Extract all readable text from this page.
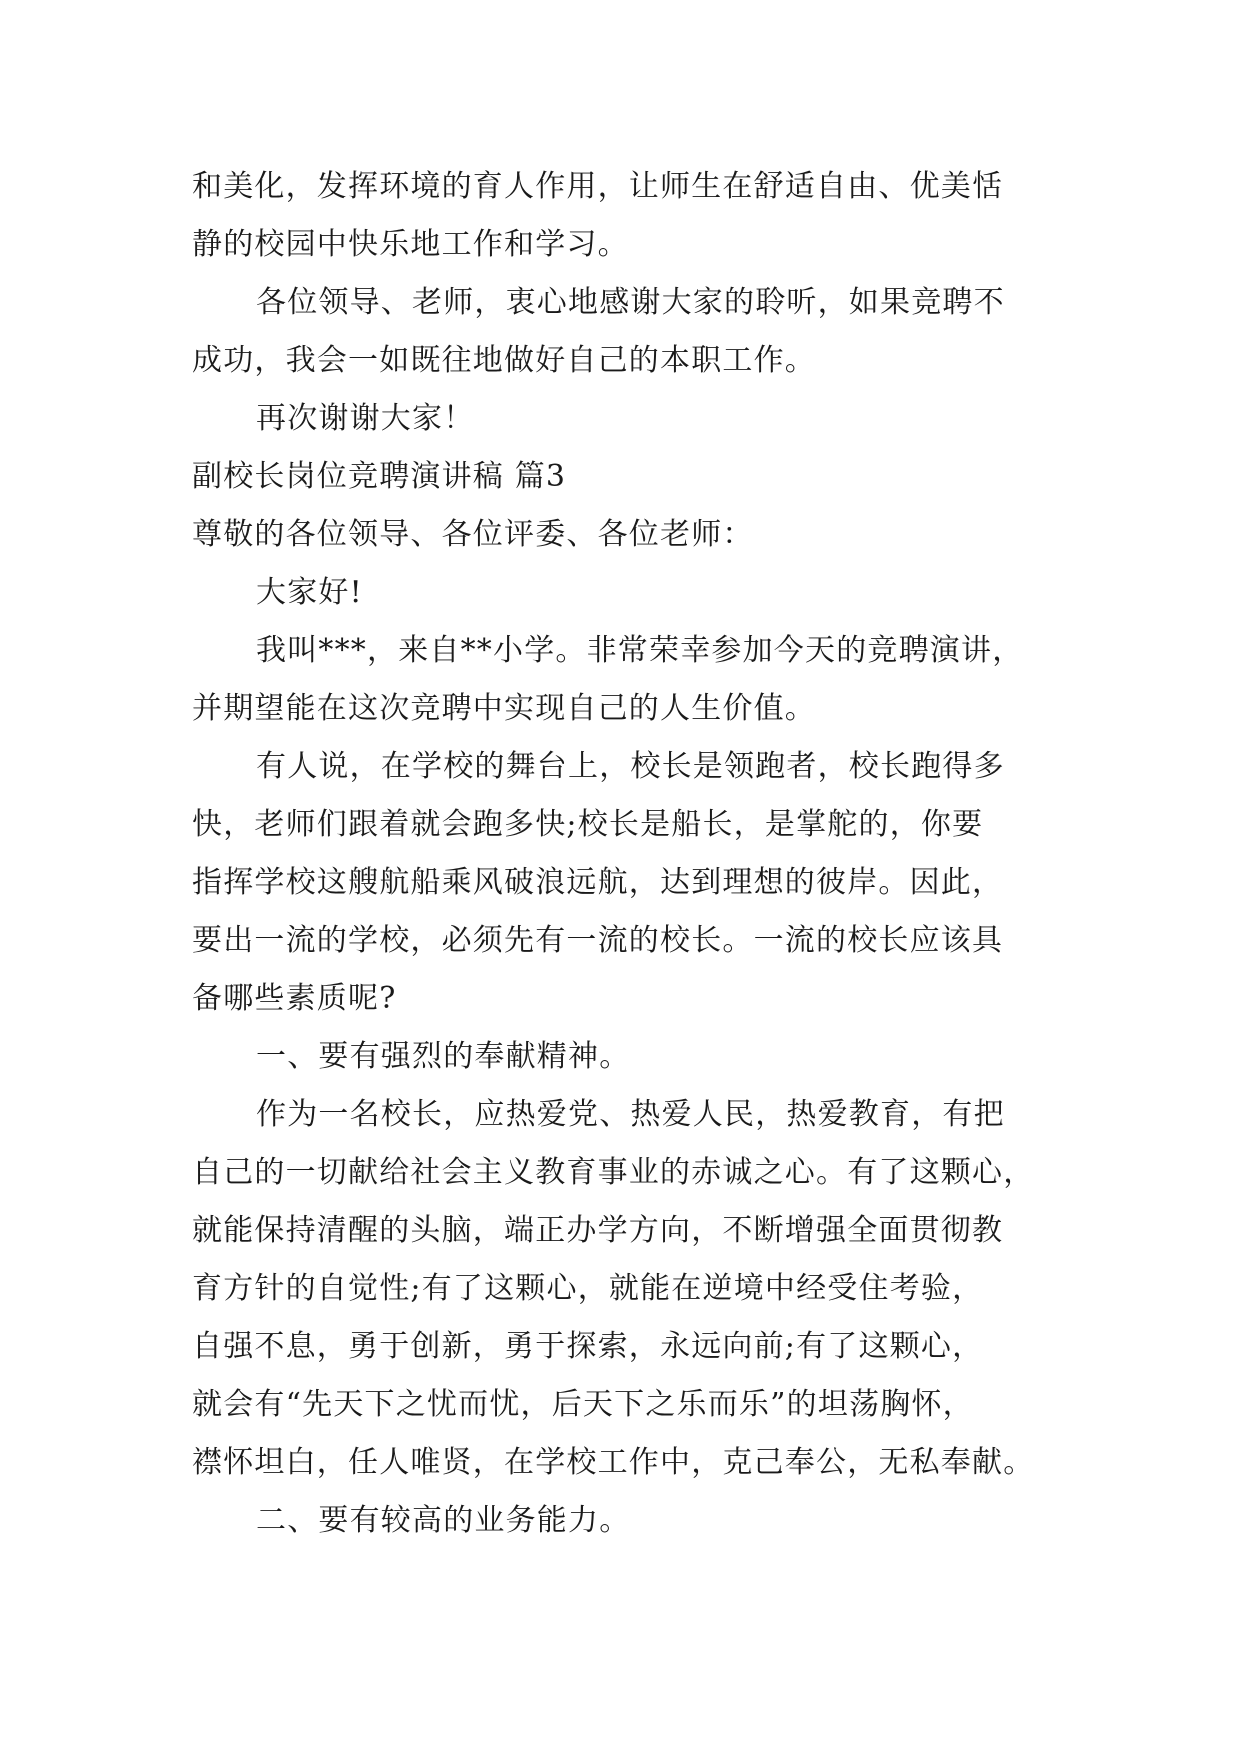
和美化，发挥环境的育人作用，让师生在舒适自由、优美恬
静的校园中快乐地工作和学习。
各位领导、老师，衷心地感谢大家的聆听，如果竞聘不
成功，我会一如既往地做好自己的本职工作。
再次谢谢大家！
副校长岗位竞聘演讲稿 篇3
尊敬的各位领导、各位评委、各位老师：
大家好!
我叫***，来自**小学。非常荣幸参加今天的竞聘演讲，
并期望能在这次竞聘中实现自己的人生价值。
有人说，在学校的舞台上，校长是领跑者，校长跑得多
快，老师们跟着就会跑多快;校长是船长，是掌舵的，你要
指挥学校这艘航船乘风破浪远航，达到理想的彼岸。因此，
要出一流的学校，必须先有一流的校长。一流的校长应该具
备哪些素质呢?
一、要有强烈的奉献精神。
作为一名校长，应热爱党、热爱人民，热爱教育，有把
自己的一切献给社会主义教育事业的赤诚之心。有了这颗心，
就能保持清醒的头脑，端正办学方向，不断增强全面贯彻教
育方针的自觉性;有了这颗心，就能在逆境中经受住考验，
自强不息，勇于创新，勇于探索，永远向前;有了这颗心，
就会有“先天下之忧而忧，后天下之乐而乐”的坦荡胸怀，
襟怀坦白，任人唯贤，在学校工作中，克己奉公，无私奉献。
二、要有较高的业务能力。
